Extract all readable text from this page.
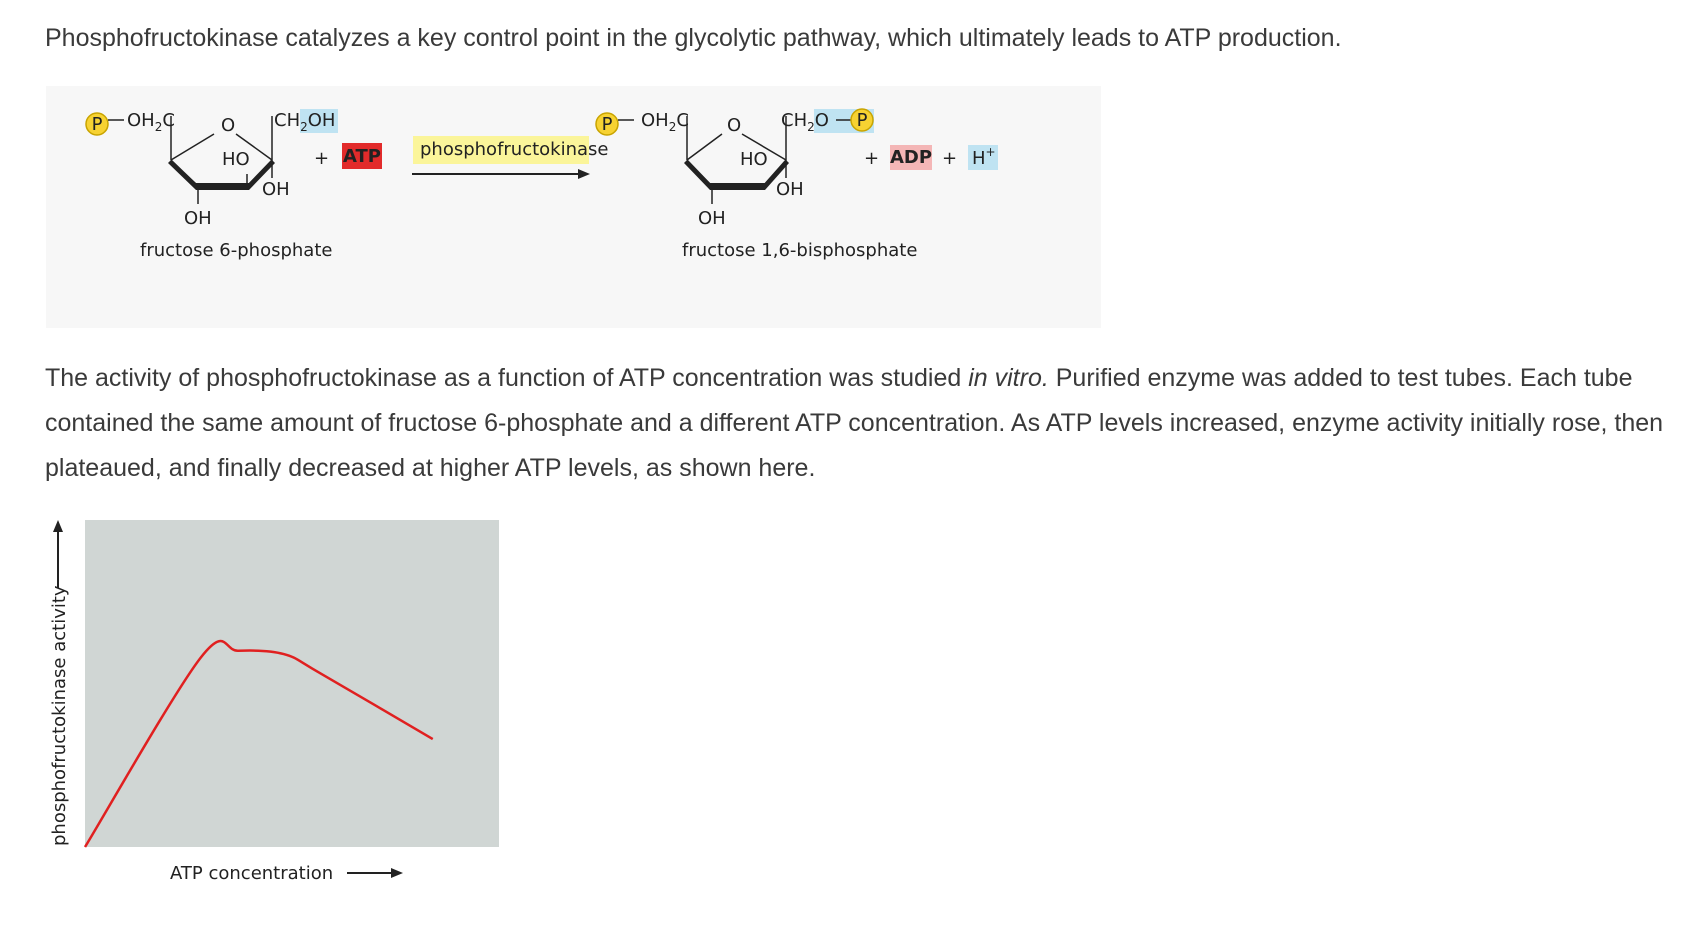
Phosphofructokinase catalyzes a key control point in the glycolytic pathway, which ultimately leads to ATP production.

P $OH_2C$	$CH_2OH$
O
HO
OH
OH
fructose 6-phosphate
+ ATP phosphofructokinase
P $OH_2C$	$CH_2O$ P
O
HO
OH
OH
fructose 1,6-bisphosphate
+ ADP + H+

The activity of phosphofructokinase as a function of ATP concentration was studied in vitro. Purified enzyme was added to test tubes. Each tube contained the same amount of fructose 6-phosphate and a different ATP concentration. As ATP levels increased, enzyme activity initially rose, then plateaued, and finally decreased at higher ATP levels, as shown here.

phosphofructokinase activity
ATP concentration
